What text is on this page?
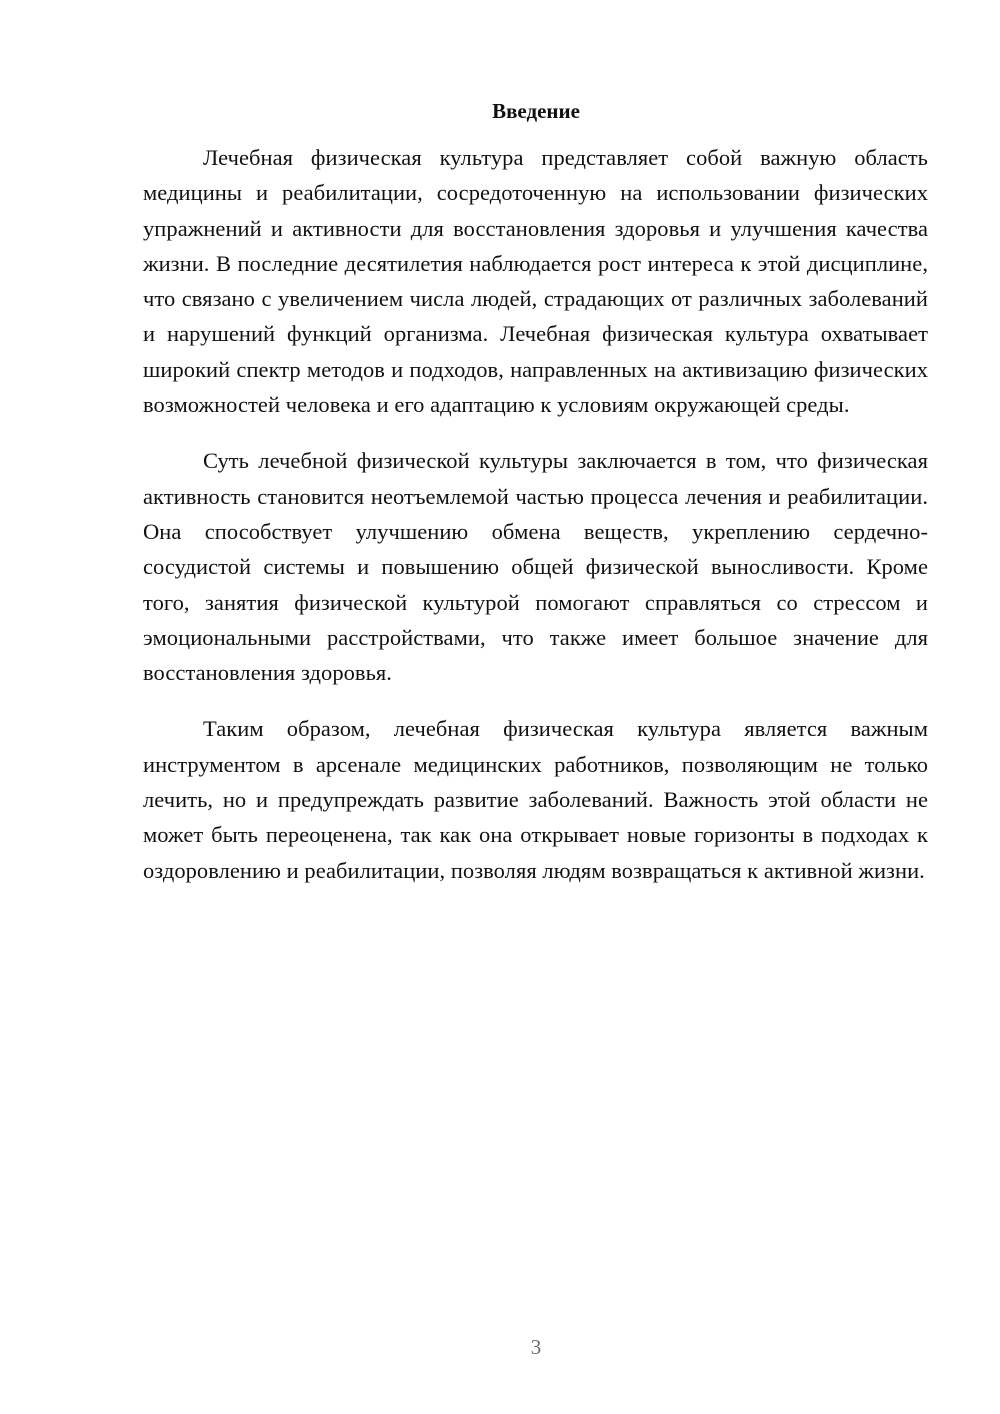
Введение

Лечебная физическая культура представляет собой важную область медицины и реабилитации, сосредоточенную на использовании физических упражнений и активности для восстановления здоровья и улучшения качества жизни. В последние десятилетия наблюдается рост интереса к этой дисциплине, что связано с увеличением числа людей, страдающих от различных заболеваний и нарушений функций организма. Лечебная физическая культура охватывает широкий спектр методов и подходов, направленных на активизацию физических возможностей человека и его адаптацию к условиям окружающей среды.

Суть лечебной физической культуры заключается в том, что физическая активность становится неотъемлемой частью процесса лечения и реабилитации. Она способствует улучшению обмена веществ, укреплению сердечно-сосудистой системы и повышению общей физической выносливости. Кроме того, занятия физической культурой помогают справляться со стрессом и эмоциональными расстройствами, что также имеет большое значение для восстановления здоровья.

Таким образом, лечебная физическая культура является важным инструментом в арсенале медицинских работников, позволяющим не только лечить, но и предупреждать развитие заболеваний. Важность этой области не может быть переоценена, так как она открывает новые горизонты в подходах к оздоровлению и реабилитации, позволяя людям возвращаться к активной жизни.

3
